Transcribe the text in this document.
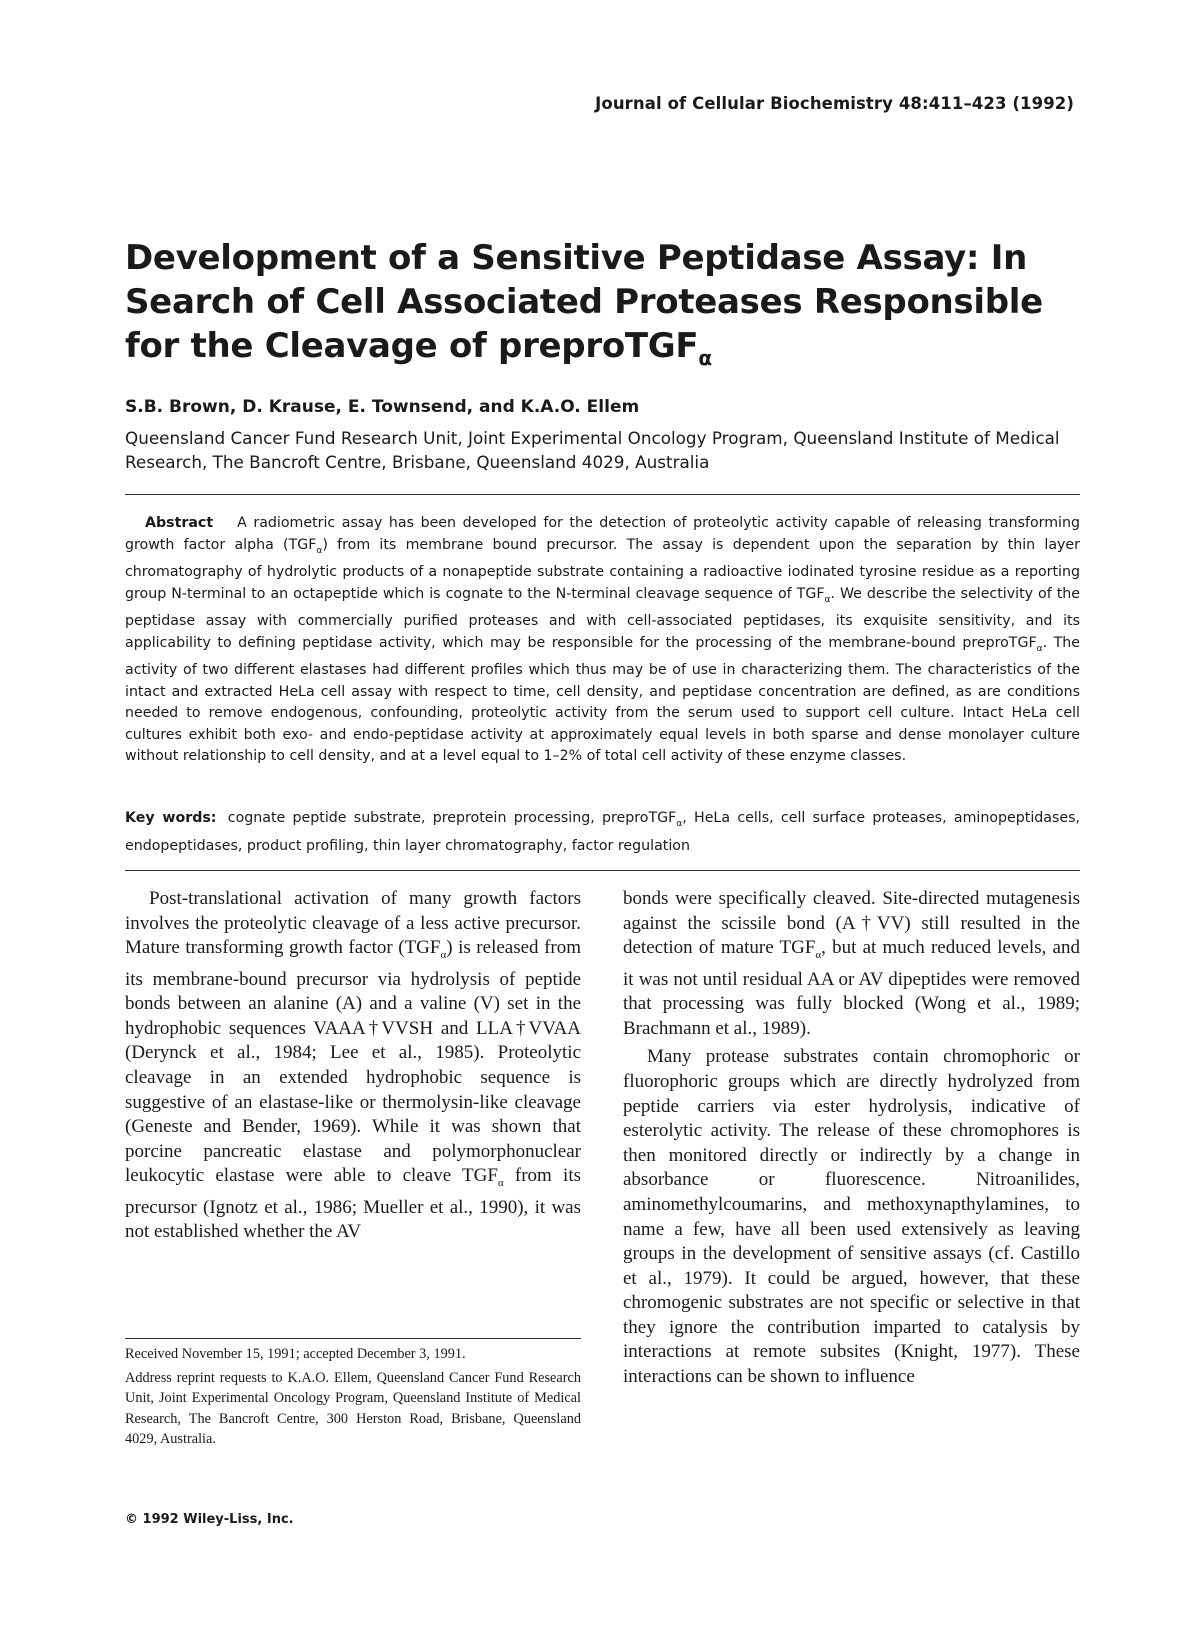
Journal of Cellular Biochemistry 48:411–423 (1992)
Development of a Sensitive Peptidase Assay: In Search of Cell Associated Proteases Responsible for the Cleavage of preproTGF$_\alpha$
S.B. Brown, D. Krause, E. Townsend, and K.A.O. Ellem
Queensland Cancer Fund Research Unit, Joint Experimental Oncology Program, Queensland Institute of Medical Research, The Bancroft Centre, Brisbane, Queensland 4029, Australia

Abstract A radiometric assay has been developed for the detection of proteolytic activity capable of releasing transforming growth factor alpha $(TGF_\alpha)$ from its membrane bound precursor. The assay is dependent upon the separation by thin layer chromatography of hydrolytic products of a nonapeptide substrate containing a radioactive iodinated tyrosine residue as a reporting group N-terminal to an octapeptide which is cognate to the N-terminal cleavage sequence of $TGF_\alpha$. We describe the selectivity of the peptidase assay with commercially purified proteases and with cell-associated peptidases, its exquisite sensitivity, and its applicability to defining peptidase activity, which may be responsible for the processing of the membrane-bound preproTGF$_\alpha$. The activity of two different elastases had different profiles which thus may be of use in characterizing them. The characteristics of the intact and extracted HeLa cell assay with respect to time, cell density, and peptidase concentration are defined, as are conditions needed to remove endogenous, confounding, proteolytic activity from the serum used to support cell culture. Intact HeLa cell cultures exhibit both exo- and endo-peptidase activity at approximately equal levels in both sparse and dense monolayer culture without relationship to cell density, and at a level equal to 1–2% of total cell activity of these enzyme classes.

Key words: cognate peptide substrate, preprotein processing, preproTGF$_\alpha$, HeLa cells, cell surface proteases, aminopeptidases, endopeptidases, product profiling, thin layer chromatography, factor regulation

Post-translational activation of many growth factors involves the proteolytic cleavage of a less active precursor. Mature transforming growth factor $(TGF_\alpha)$ is released from its membrane-bound precursor via hydrolysis of peptide bonds between an alanine (A) and a valine (V) set in the hydrophobic sequences VAAA†VVSH and LLA†VVAA (Derynck et al., 1984; Lee et al., 1985). Proteolytic cleavage in an extended hydrophobic sequence is suggestive of an elastase-like or thermolysin-like cleavage (Geneste and Bender, 1969). While it was shown that porcine pancreatic elastase and polymorphonuclear leukocytic elastase were able to cleave $TGF_\alpha$ from its precursor (Ignotz et al., 1986; Mueller et al., 1990), it was not established whether the AV

bonds were specifically cleaved. Site-directed mutagenesis against the scissile bond (A†VV) still resulted in the detection of mature $TGF_\alpha$, but at much reduced levels, and it was not until residual AA or AV dipeptides were removed that processing was fully blocked (Wong et al., 1989; Brachmann et al., 1989).

Many protease substrates contain chromophoric or fluorophoric groups which are directly hydrolyzed from peptide carriers via ester hydrolysis, indicative of esterolytic activity. The release of these chromophores is then monitored directly or indirectly by a change in absorbance or fluorescence. Nitroanilides, aminomethylcoumarins, and methoxynapthylamines, to name a few, have all been used extensively as leaving groups in the development of sensitive assays (cf. Castillo et al., 1979). It could be argued, however, that these chromogenic substrates are not specific or selective in that they ignore the contribution imparted to catalysis by interactions at remote subsites (Knight, 1977). These interactions can be shown to influence

Received November 15, 1991; accepted December 3, 1991.

Address reprint requests to K.A.O. Ellem, Queensland Cancer Fund Research Unit, Joint Experimental Oncology Program, Queensland Institute of Medical Research, The Bancroft Centre, 300 Herston Road, Brisbane, Queensland 4029, Australia.

© 1992 Wiley-Liss, Inc.
